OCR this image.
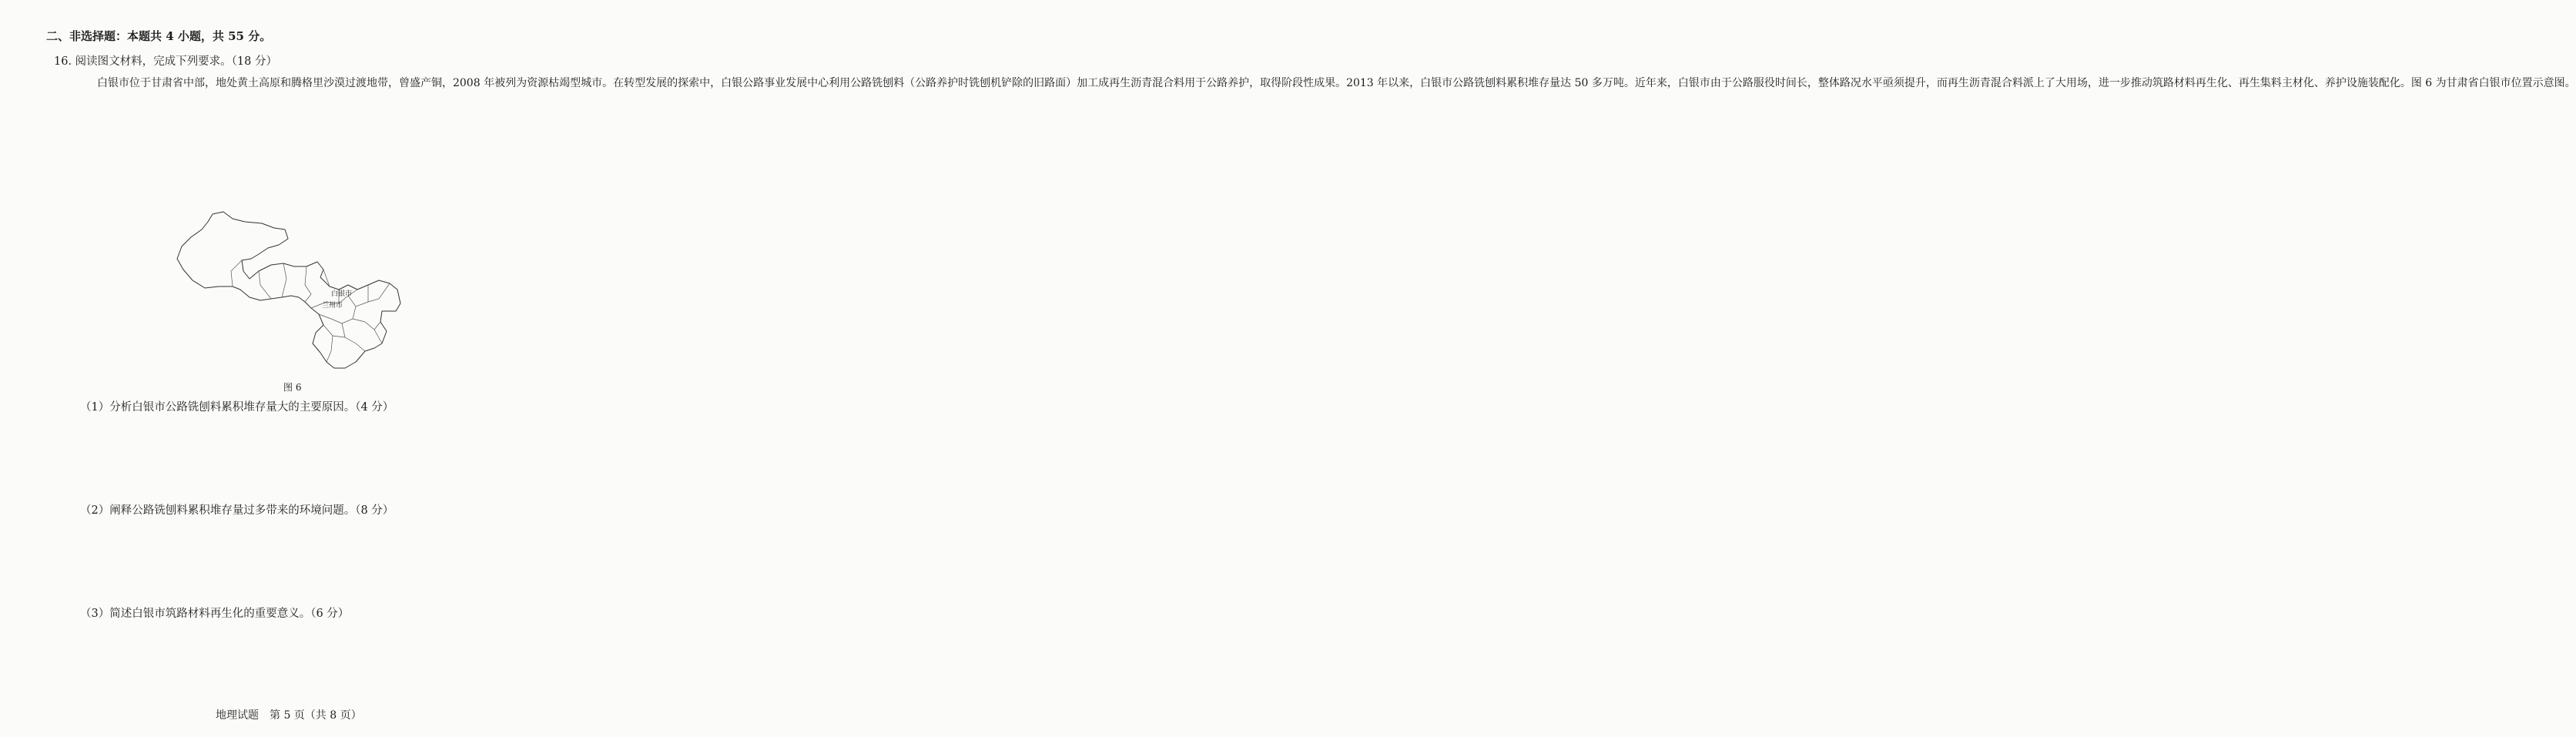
二、非选择题：本题共 4 小题，共 55 分。
16. 阅读图文材料，完成下列要求。（18 分）

白银市位于甘肃省中部，地处黄土高原和腾格里沙漠过渡地带，曾盛产铜，2008 年被列为资源枯竭型城市。在转型发展的探索中，白银公路事业发展中心利用公路铣刨料（公路养护时铣刨机铲除的旧路面）加工成再生沥青混合料用于公路养护，取得阶段性成果。2013 年以来，白银市公路铣刨料累积堆存量达 50 多万吨。近年来，白银市由于公路服役时间长，整体路况水平亟须提升，而再生沥青混合料派上了大用场，进一步推动筑路材料再生化、再生集料主材化、养护设施装配化。图 6 为甘肃省白银市位置示意图。

白银市
兰州市
图 6
（1）分析白银市公路铣刨料累积堆存量大的主要原因。（4 分）
（2）阐释公路铣刨料累积堆存量过多带来的环境问题。（8 分）
（3）简述白银市筑路材料再生化的重要意义。（6 分）
地理试题　第 5 页（共 8 页）
